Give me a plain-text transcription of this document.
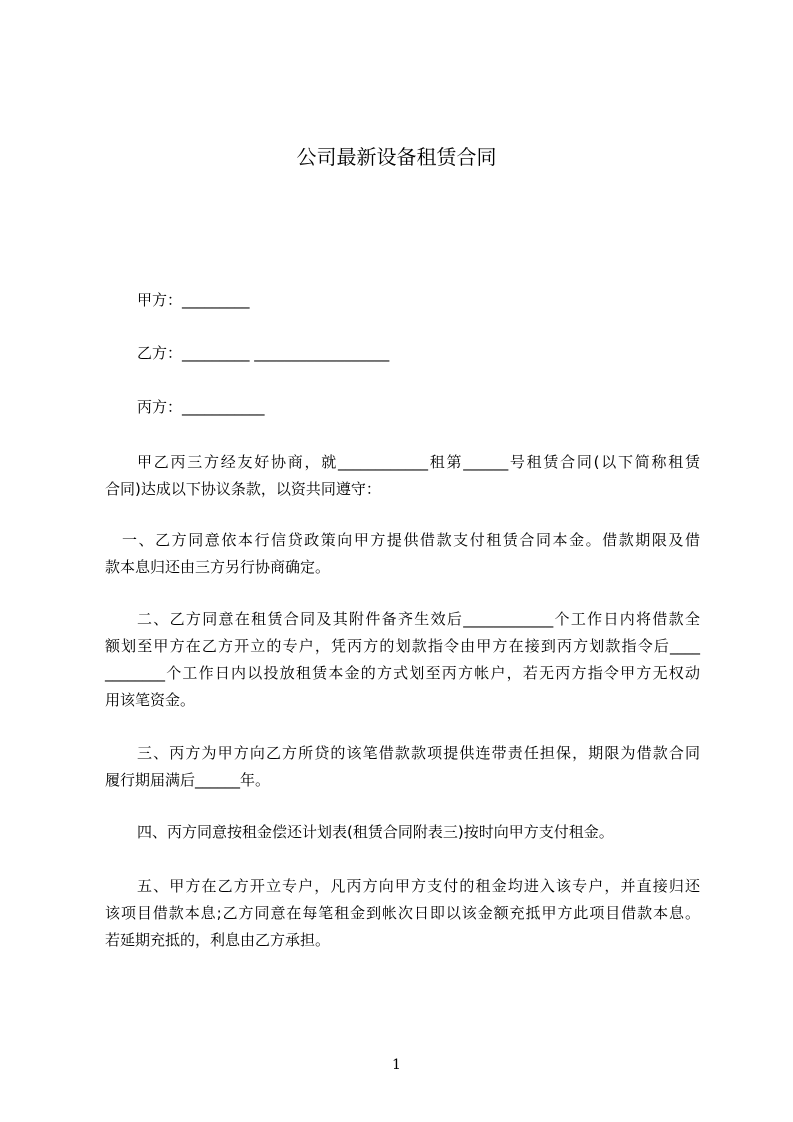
公司最新设备租赁合同
甲方：_________
乙方：_________ __________________
丙方：___________
甲乙丙三方经友好协商，就____________租第______号租赁合同(以下简称租赁
合同)达成以下协议条款，以资共同遵守：
一、乙方同意依本行信贷政策向甲方提供借款支付租赁合同本金。借款期限及借
款本息归还由三方另行协商确定。
二、乙方同意在租赁合同及其附件备齐生效后____________个工作日内将借款全
额划至甲方在乙方开立的专户，凭丙方的划款指令由甲方在接到丙方划款指令后____
________个工作日内以投放租赁本金的方式划至丙方帐户，若无丙方指令甲方无权动
用该笔资金。
三、丙方为甲方向乙方所贷的该笔借款款项提供连带责任担保，期限为借款合同
履行期届满后______年。
四、丙方同意按租金偿还计划表(租赁合同附表三)按时向甲方支付租金。
五、甲方在乙方开立专户，凡丙方向甲方支付的租金均进入该专户，并直接归还
该项目借款本息;乙方同意在每笔租金到帐次日即以该金额充抵甲方此项目借款本息。
若延期充抵的，利息由乙方承担。
1
